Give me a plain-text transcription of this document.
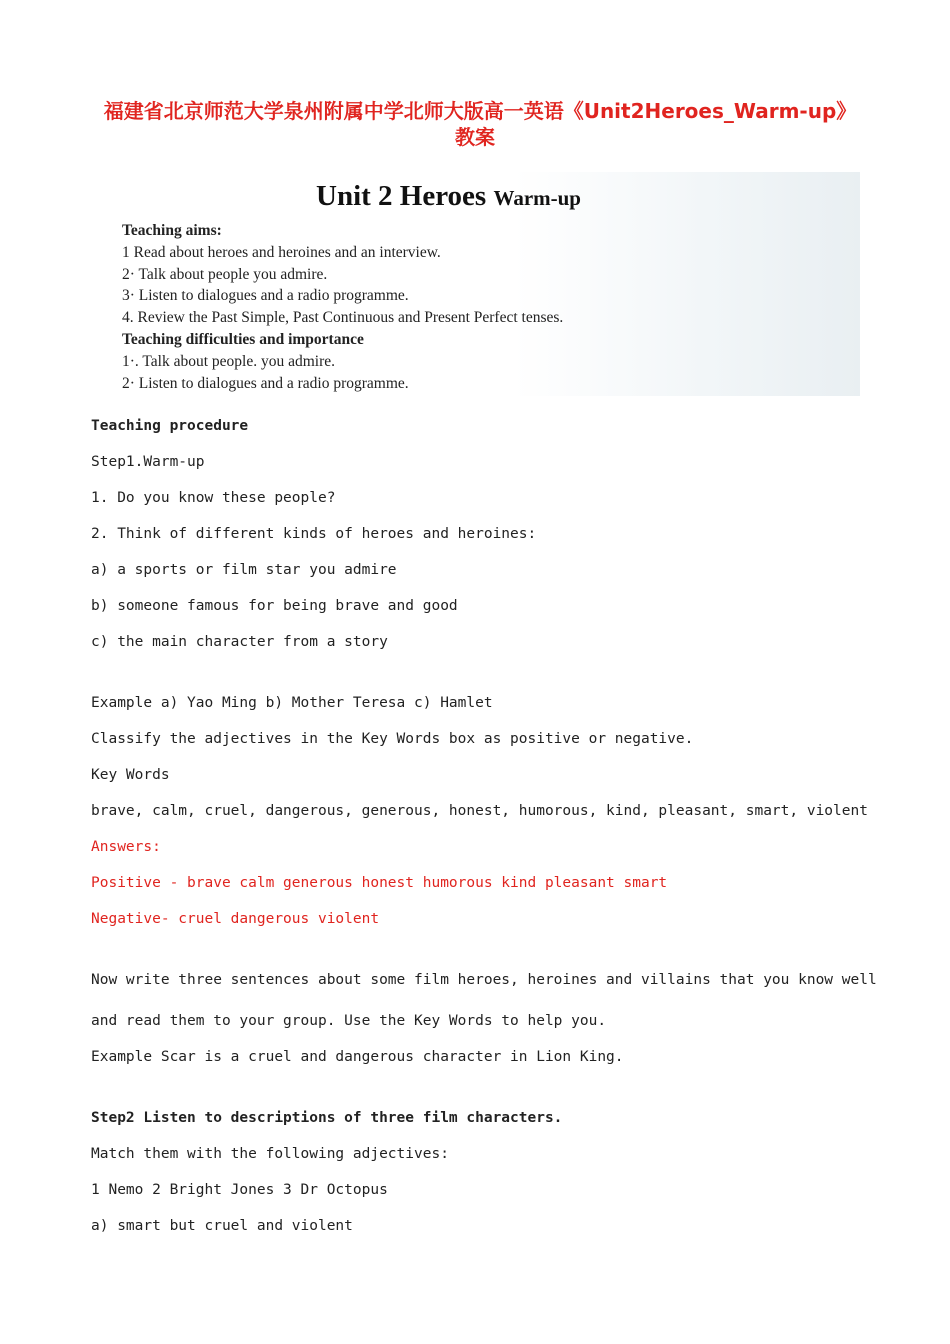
福建省北京师范大学泉州附属中学北师大版高一英语《Unit2Heroes_Warm-up》教案
Unit 2 Heroes Warm-up
Teaching aims:
1 Read about heroes and heroines and an interview.
2· Talk about people you admire.
3· Listen to dialogues and a radio programme.
4. Review the Past Simple, Past Continuous and Present Perfect tenses.
Teaching difficulties and importance
1·. Talk about people. you admire.
2· Listen to dialogues and a radio programme.
Teaching procedure
Step1.Warm-up
1. Do you know these people?
2. Think of different kinds of heroes and heroines:
a) a sports or film star you admire
b) someone famous for being brave and good
c) the main character from a story
Example a) Yao Ming b) Mother Teresa c) Hamlet
Classify the adjectives in the Key Words box as positive or negative.
Key Words
brave, calm, cruel, dangerous, generous, honest, humorous, kind, pleasant, smart, violent
Answers:
Positive - brave calm generous honest humorous kind pleasant smart
Negative- cruel dangerous violent
Now write three sentences about some film heroes, heroines and villains that you know well
and read them to your group. Use the Key Words to help you.
Example Scar is a cruel and dangerous character in Lion King.
Step2 Listen to descriptions of three film characters.
Match them with the following adjectives:
1 Nemo 2 Bright Jones 3 Dr Octopus
a) smart but cruel and violent
